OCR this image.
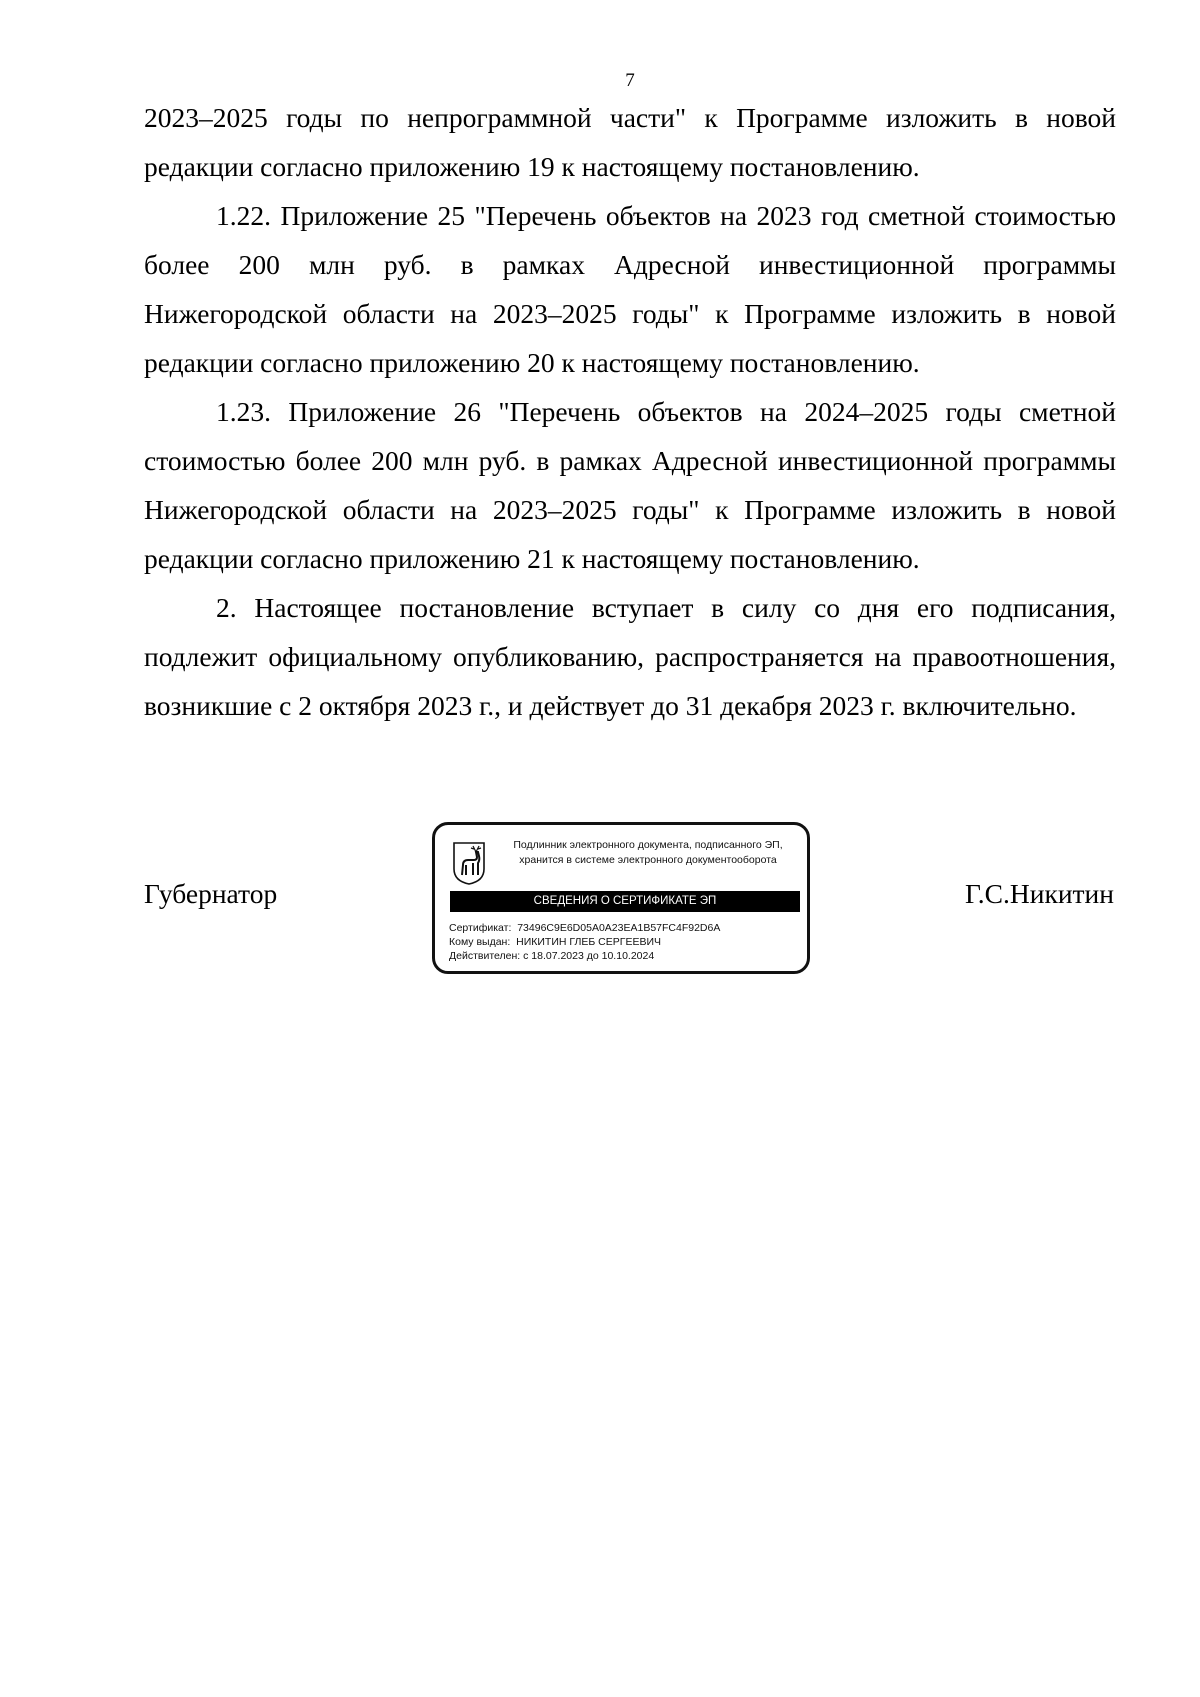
7

2023–2025 годы по непрограммной части" к Программе изложить в новой редакции согласно приложению 19 к настоящему постановлению.

1.22. Приложение 25 "Перечень объектов на 2023 год сметной стоимостью более 200 млн руб. в рамках Адресной инвестиционной программы Нижегородской области на 2023–2025 годы" к Программе изложить в новой редакции согласно приложению 20 к настоящему постановлению.

1.23. Приложение 26 "Перечень объектов на 2024–2025 годы сметной стоимостью более 200 млн руб. в рамках Адресной инвестиционной программы Нижегородской области на 2023–2025 годы" к Программе изложить в новой редакции согласно приложению 21 к настоящему постановлению.

2. Настоящее постановление вступает в силу со дня его подписания, подлежит официальному опубликованию, распространяется на правоотношения, возникшие с 2 октября 2023 г., и действует до 31 декабря 2023 г. включительно.

Губернатор
Подлинник электронного документа, подписанного ЭП,
хранится в системе электронного документооборота
СВЕДЕНИЯ О СЕРТИФИКАТЕ ЭП
Сертификат: 73496C9E6D05A0A23EA1B57FC4F92D6A
Кому выдан: НИКИТИН ГЛЕБ СЕРГЕЕВИЧ
Действителен: с 18.07.2023 до 10.10.2024
Г.С.Никитин
